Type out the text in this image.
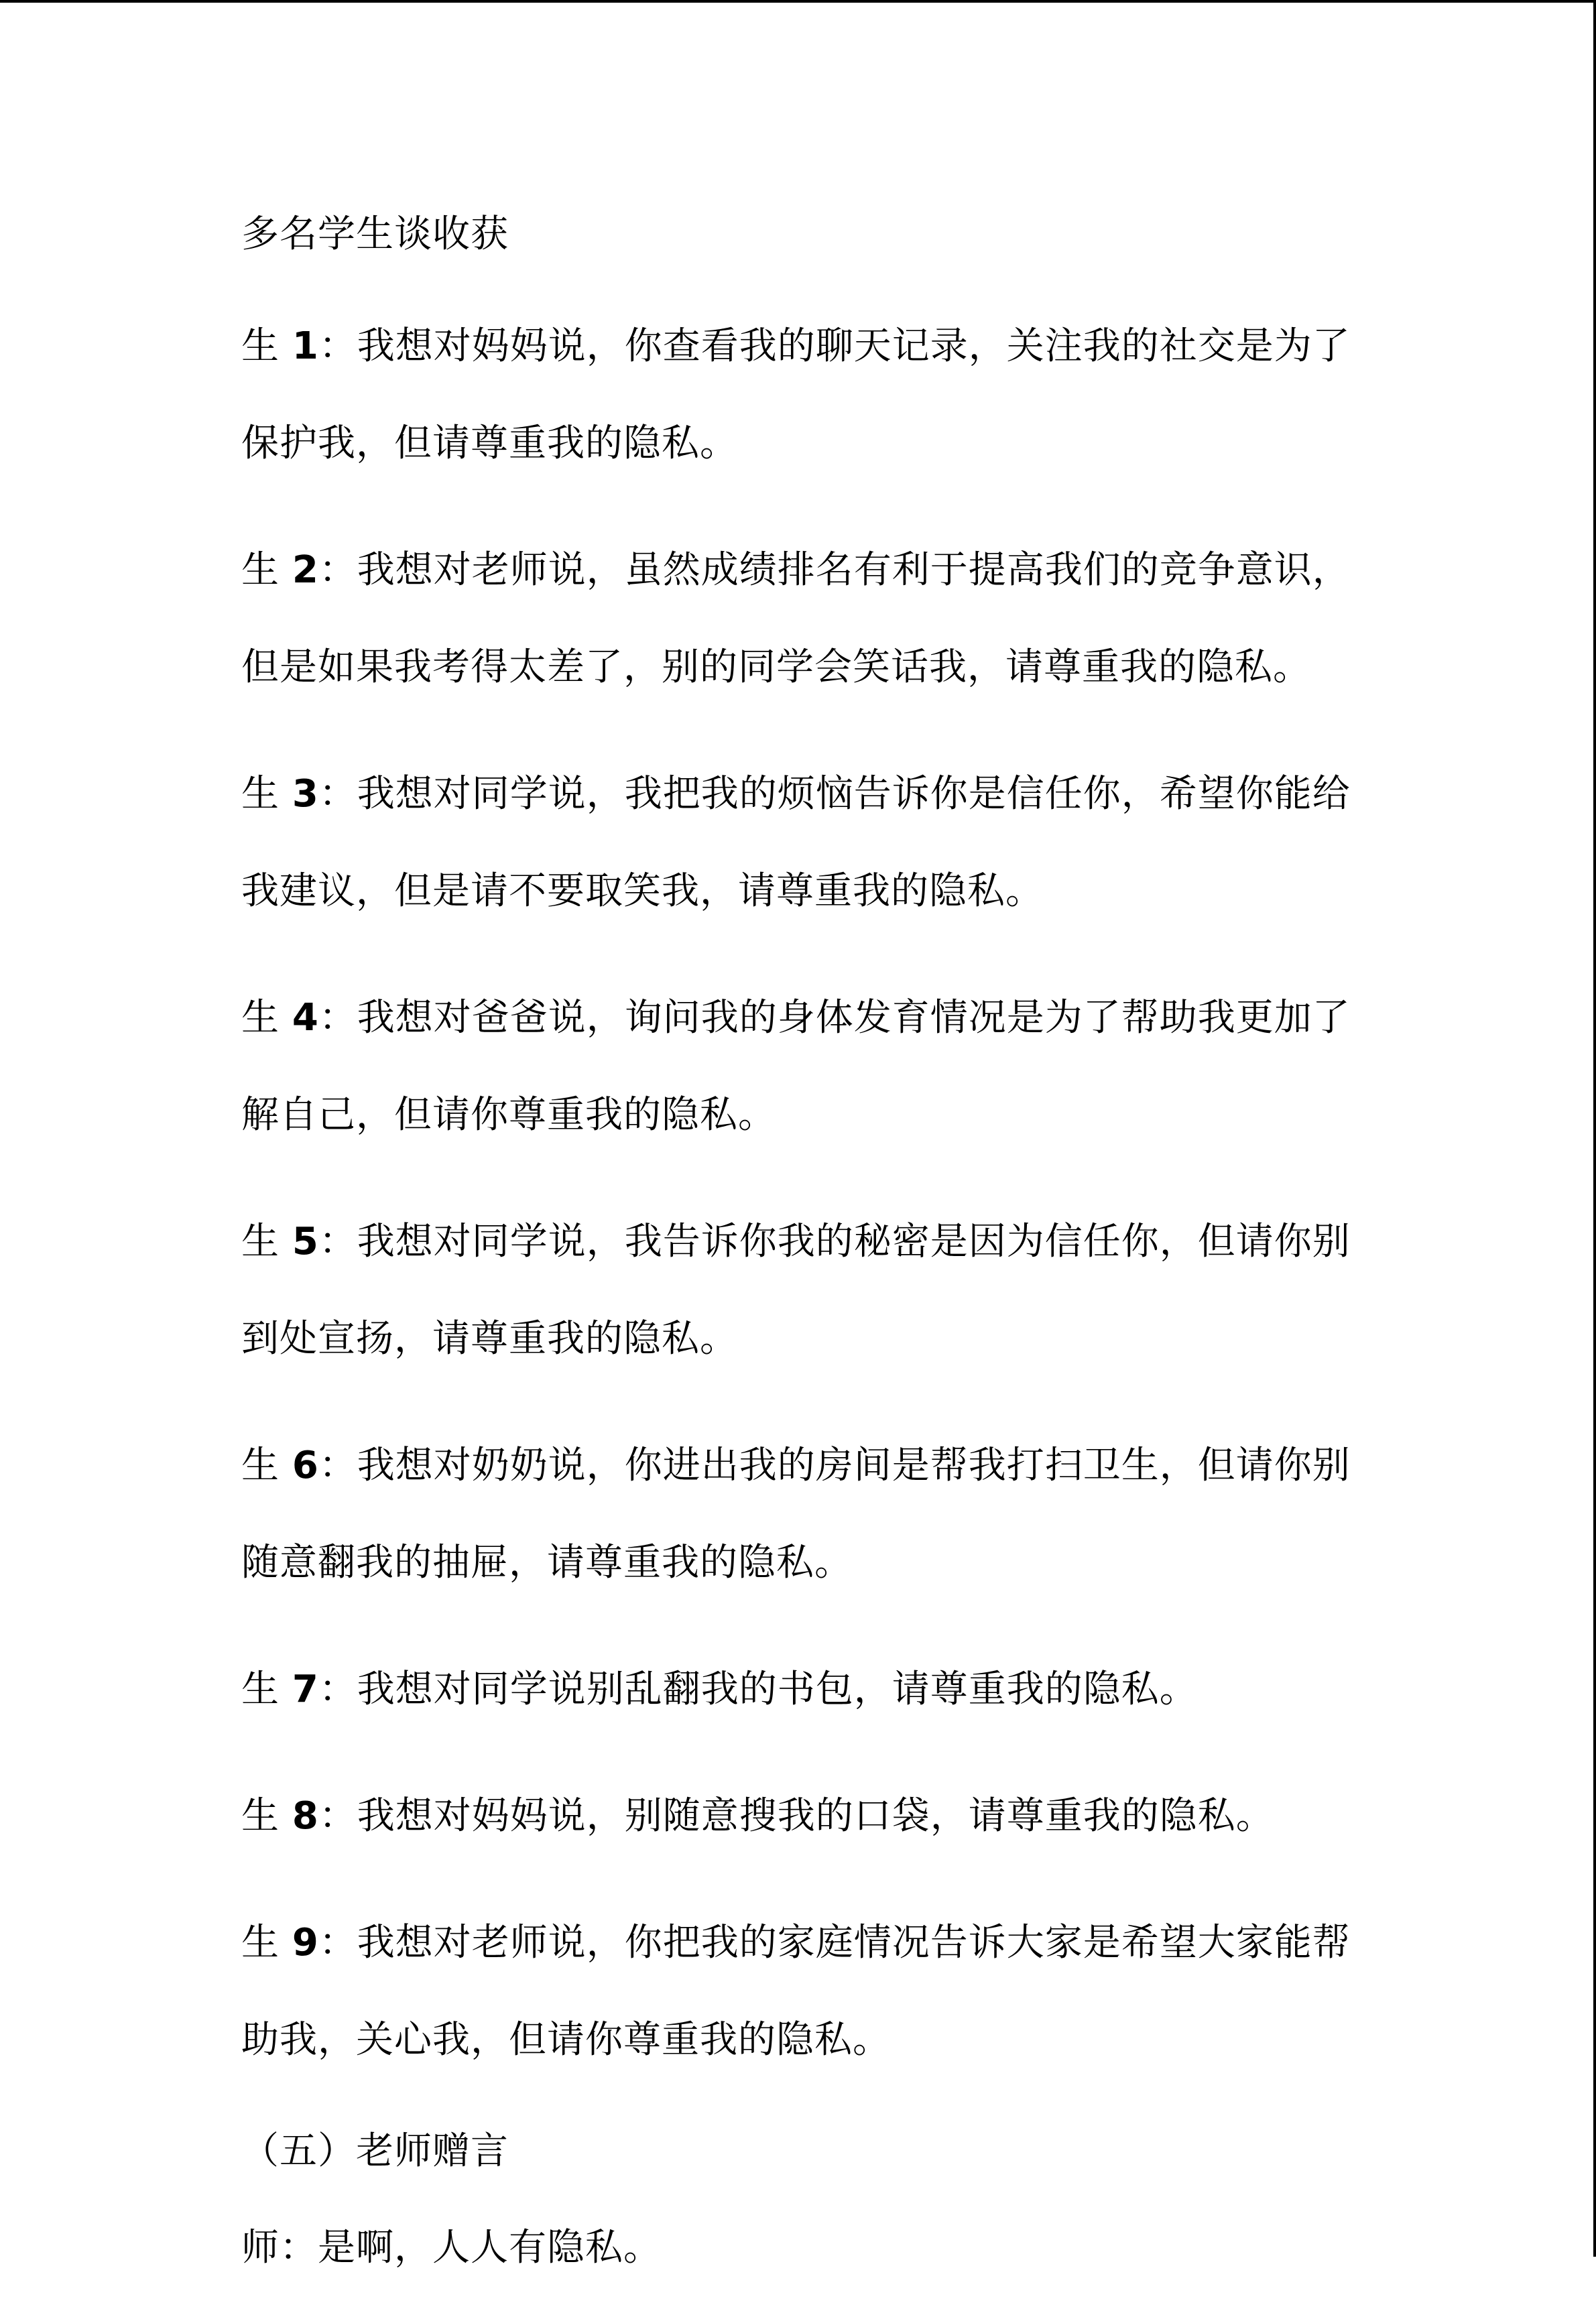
多名学生谈收获
生 1：我想对妈妈说，你查看我的聊天记录，关注我的社交是为了
保护我，但请尊重我的隐私。
生 2：我想对老师说，虽然成绩排名有利于提高我们的竞争意识，
但是如果我考得太差了，别的同学会笑话我，请尊重我的隐私。
生 3：我想对同学说，我把我的烦恼告诉你是信任你，希望你能给
我建议，但是请不要取笑我，请尊重我的隐私。
生 4：我想对爸爸说，询问我的身体发育情况是为了帮助我更加了
解自己，但请你尊重我的隐私。
生 5：我想对同学说，我告诉你我的秘密是因为信任你，但请你别
到处宣扬，请尊重我的隐私。
生 6：我想对奶奶说，你进出我的房间是帮我打扫卫生，但请你别
随意翻我的抽屉，请尊重我的隐私。
生 7：我想对同学说别乱翻我的书包，请尊重我的隐私。
生 8：我想对妈妈说，别随意搜我的口袋，请尊重我的隐私。
生 9：我想对老师说，你把我的家庭情况告诉大家是希望大家能帮
助我，关心我，但请你尊重我的隐私。
（五）老师赠言
师：是啊，人人有隐私。
